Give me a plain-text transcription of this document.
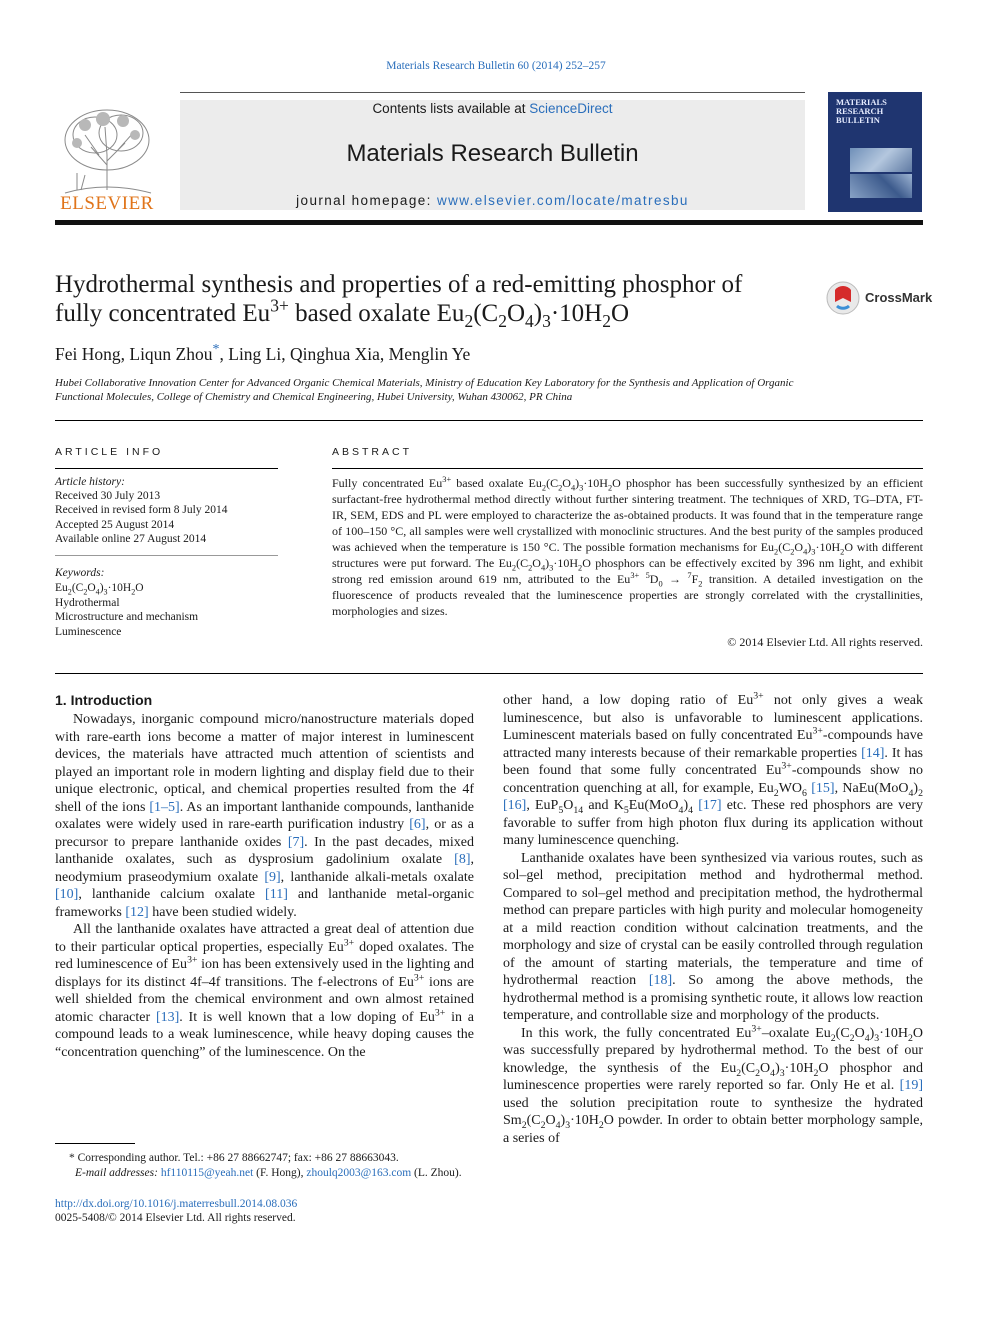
Materials Research Bulletin 60 (2014) 252–257
ELSEVIER
Contents lists available at ScienceDirect
Materials Research Bulletin
journal homepage: www.elsevier.com/locate/matresbu
MATERIALS RESEARCH BULLETIN
Hydrothermal synthesis and properties of a red-emitting phosphor of
fully concentrated $Eu^{3+}$ based oxalate $Eu_2(C_2O_4)_3\cdot 10H_2O$
CrossMark
Fei Hong, Liqun Zhou*, Ling Li, Qinghua Xia, Menglin Ye
Hubei Collaborative Innovation Center for Advanced Organic Chemical Materials, Ministry of Education Key Laboratory for the Synthesis and Application of Organic Functional Molecules, College of Chemistry and Chemical Engineering, Hubei University, Wuhan 430062, PR China
ARTICLE INFO
Article history:
Received 30 July 2013
Received in revised form 8 July 2014
Accepted 25 August 2014
Available online 27 August 2014
Keywords:
$Eu_2(C_2O_4)_3\cdot 10H_2O$
Hydrothermal
Microstructure and mechanism
Luminescence
ABSTRACT
Fully concentrated $Eu^{3+}$ based oxalate $Eu_2(C_2O_4)_3\cdot 10H_2O$ phosphor has been successfully synthesized by an efficient surfactant-free hydrothermal method directly without further sintering treatment. The techniques of XRD, TG–DTA, FT-IR, SEM, EDS and PL were employed to characterize the as-obtained products. It was found that in the temperature range of 100–150 °C, all samples were well crystallized with monoclinic structures. And the best purity of the samples produced was achieved when the temperature is 150 °C. The possible formation mechanisms for $Eu_2(C_2O_4)_3\cdot 10H_2O$ with different structures were put forward. The $Eu_2(C_2O_4)_3\cdot 10H_2O$ phosphors can be effectively excited by 396 nm light, and exhibit strong red emission around 619 nm, attributed to the $Eu^{3+}$ $^5D_0 \to ^7F_2$ transition. A detailed investigation on the fluorescence of products revealed that the luminescence properties are strongly correlated with the crystallinities, morphologies and sizes.
© 2014 Elsevier Ltd. All rights reserved.
1. Introduction

Nowadays, inorganic compound micro/nanostructure materials doped with rare-earth ions become a matter of major interest in luminescent devices, the materials have attracted much attention of scientists and played an important role in modern lighting and display field due to their unique electronic, optical, and chemical properties resulted from the 4f shell of the ions [1–5]. As an important lanthanide compounds, lanthanide oxalates were widely used in rare-earth purification industry [6], or as a precursor to prepare lanthanide oxides [7]. In the past decades, mixed lanthanide oxalates, such as dysprosium gadolinium oxalate [8], neodymium praseodymium oxalate [9], lanthanide alkali-metals oxalate [10], lanthanide calcium oxalate [11] and lanthanide metal-organic frameworks [12] have been studied widely.

All the lanthanide oxalates have attracted a great deal of attention due to their particular optical properties, especially $Eu^{3+}$ doped oxalates. The red luminescence of $Eu^{3+}$ ion has been extensively used in the lighting and displays for its distinct 4f–4f transitions. The f-electrons of $Eu^{3+}$ ions are well shielded from the chemical environment and own almost retained atomic character [13]. It is well known that a low doping of $Eu^{3+}$ in a compound leads to a weak luminescence, while heavy doping causes the “concentration quenching” of the luminescence. On the

other hand, a low doping ratio of $Eu^{3+}$ not only gives a weak luminescence, but also is unfavorable to luminescent applications. Luminescent materials based on fully concentrated $Eu^{3+}$-compounds have attracted many interests because of their remarkable properties [14]. It has been found that some fully concentrated $Eu^{3+}$-compounds show no concentration quenching at all, for example, $Eu_2WO_6$ [15], $NaEu(MoO_4)_2$ [16], $EuP_5O_{14}$ and $K_5Eu(MoO_4)_4$ [17] etc. These red phosphors are very favorable to suffer from high photon flux during its application without many luminescence quenching.

Lanthanide oxalates have been synthesized via various routes, such as sol–gel method, precipitation method and hydrothermal method. Compared to sol–gel method and precipitation method, the hydrothermal method can prepare particles with high purity and molecular homogeneity at a mild reaction condition without calcination treatments, and the morphology and size of crystal can be easily controlled through regulation of the amount of starting materials, the temperature and time of hydrothermal reaction [18]. So among the above methods, the hydrothermal method is a promising synthetic route, it allows low reaction temperature, and controllable size and morphology of the products.

In this work, the fully concentrated $Eu^{3+}$–oxalate $Eu_2(C_2O_4)_3\cdot 10H_2O$ was successfully prepared by hydrothermal method. To the best of our knowledge, the synthesis of the $Eu_2(C_2O_4)_3\cdot 10H_2O$ phosphor and luminescence properties were rarely reported so far. Only He et al. [19] used the solution precipitation route to synthesize the hydrated $Sm_2(C_2O_4)_3\cdot 10H_2O$ powder. In order to obtain better morphology sample, a series of

* Corresponding author. Tel.: +86 27 88662747; fax: +86 27 88663043.
E-mail addresses: hf110115@yeah.net (F. Hong), zhoulq2003@163.com (L. Zhou).
http://dx.doi.org/10.1016/j.materresbull.2014.08.036
0025-5408/© 2014 Elsevier Ltd. All rights reserved.
